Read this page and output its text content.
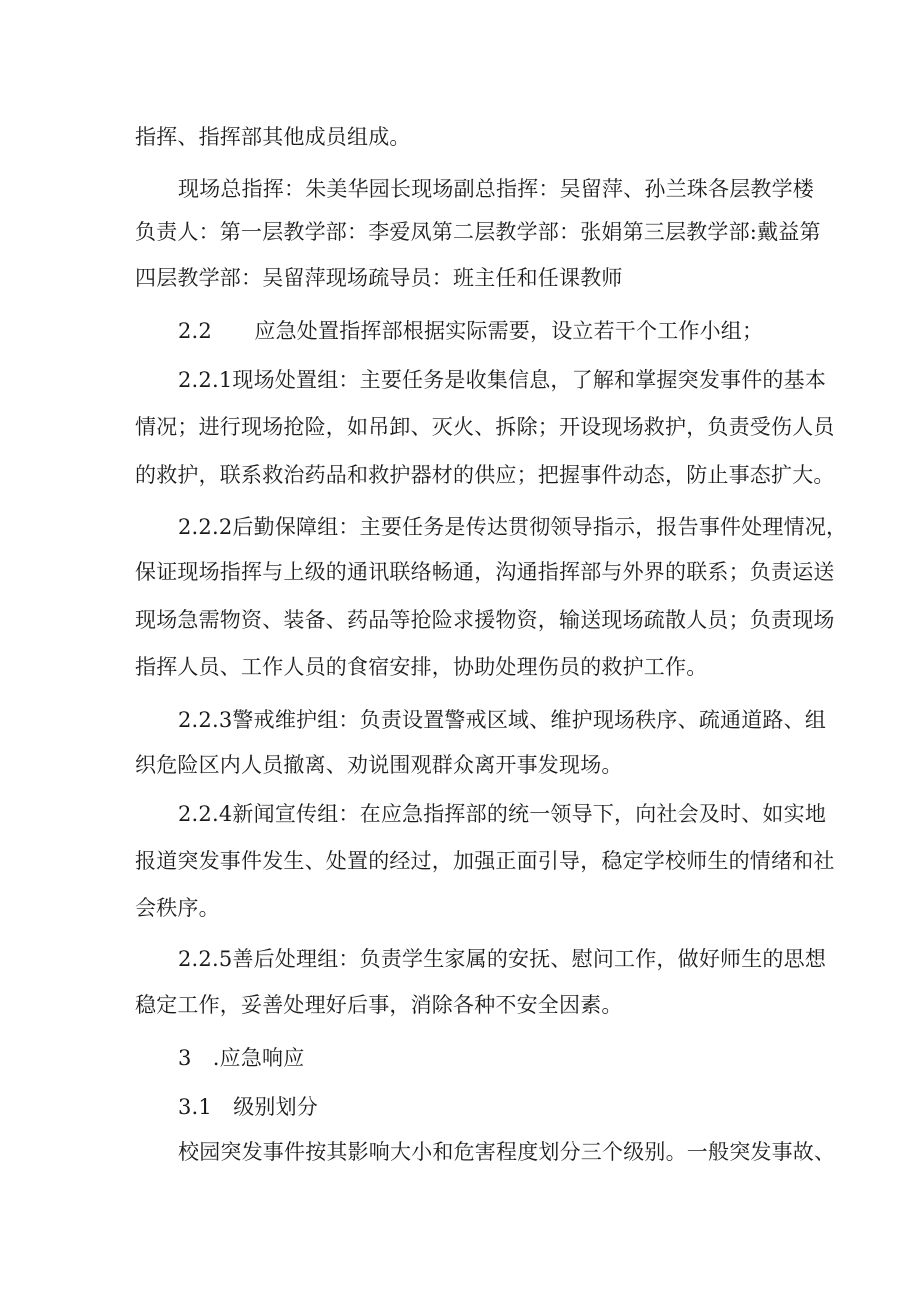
指挥、指挥部其他成员组成。
现场总指挥：朱美华园长现场副总指挥：吴留萍、孙兰珠各层教学楼
负责人：第一层教学部：李爱凤第二层教学部：张娟第三层教学部:戴益第
四层教学部：吴留萍现场疏导员：班主任和任课教师
2.2　　应急处置指挥部根据实际需要，设立若干个工作小组；
2.2.1现场处置组：主要任务是收集信息，了解和掌握突发事件的基本
情况；进行现场抢险，如吊卸、灭火、拆除；开设现场救护，负责受伤人员
的救护，联系救治药品和救护器材的供应；把握事件动态，防止事态扩大。
2.2.2后勤保障组：主要任务是传达贯彻领导指示，报告事件处理情况，
保证现场指挥与上级的通讯联络畅通，沟通指挥部与外界的联系；负责运送
现场急需物资、装备、药品等抢险求援物资，输送现场疏散人员；负责现场
指挥人员、工作人员的食宿安排，协助处理伤员的救护工作。
2.2.3警戒维护组：负责设置警戒区域、维护现场秩序、疏通道路、组
织危险区内人员撤离、劝说围观群众离开事发现场。
2.2.4新闻宣传组：在应急指挥部的统一领导下，向社会及时、如实地
报道突发事件发生、处置的经过，加强正面引导，稳定学校师生的情绪和社
会秩序。
2.2.5善后处理组：负责学生家属的安抚、慰问工作，做好师生的思想
稳定工作，妥善处理好后事，消除各种不安全因素。
3　.应急响应
3.1　级别划分
校园突发事件按其影响大小和危害程度划分三个级别。一般突发事故、
